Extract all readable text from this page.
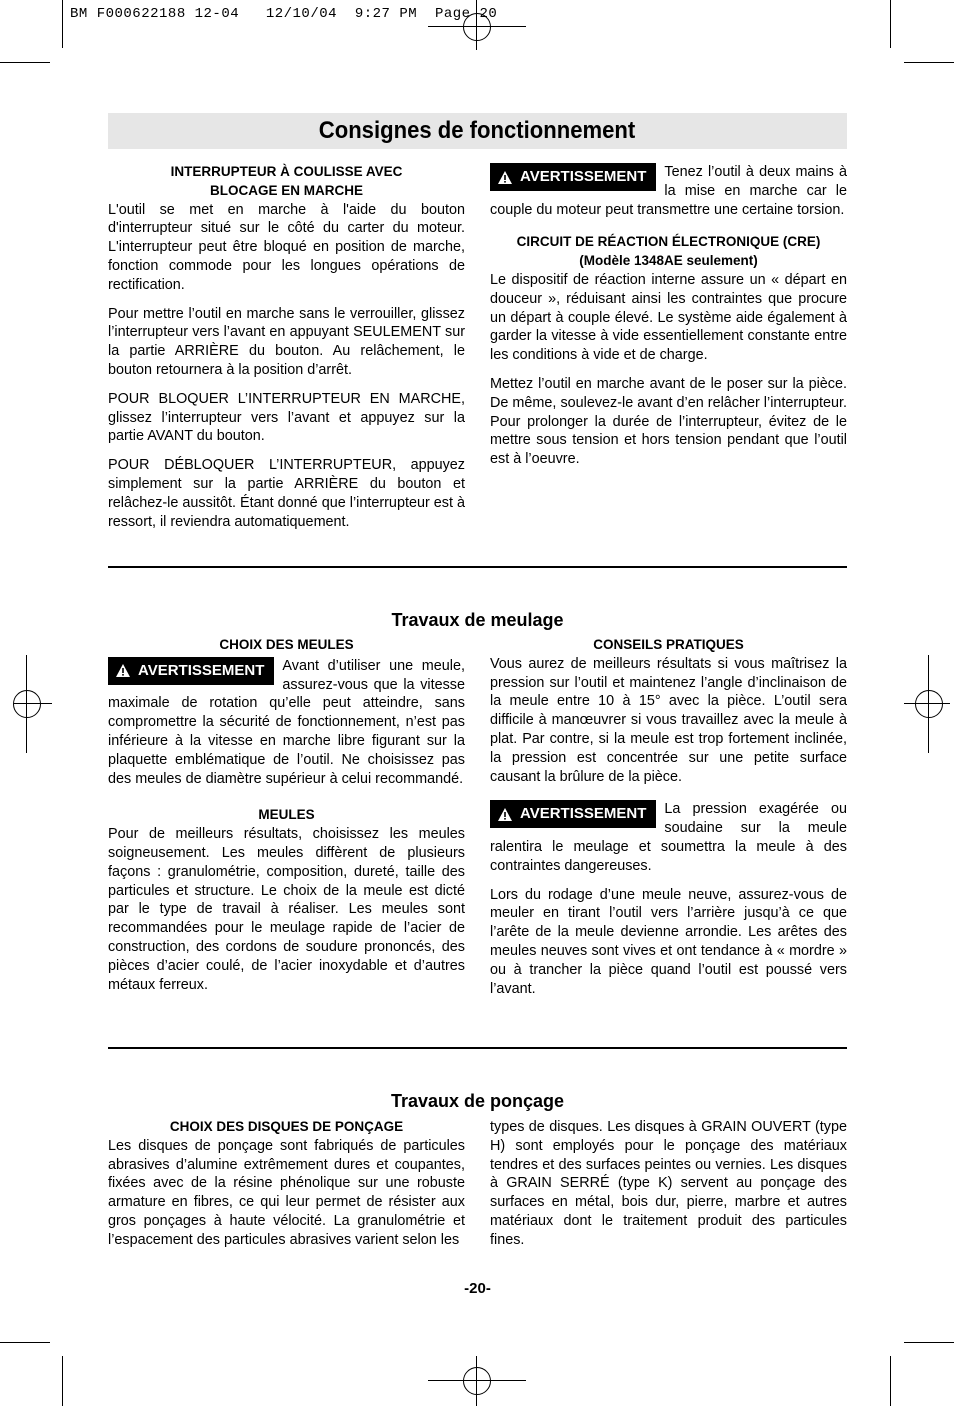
BM F000622188 12-04   12/10/04  9:27 PM  Page 20
Consignes de fonctionnement

INTERRUPTEUR À COULISSE AVEC

BLOCAGE EN MARCHE

L'outil se met en marche à l'aide du bouton d'interrupteur situé sur le côté du carter du moteur. L'interrupteur peut être bloqué en position de marche, fonction commode pour les longues opérations de rectification.

Pour mettre l’outil en marche sans le verrouiller, glissez l’interrupteur vers l’avant en appuyant SEULEMENT sur la partie ARRIÈRE du bouton. Au relâchement, le bouton retournera à la position d’arrêt.

POUR BLOQUER L’INTERRUPTEUR EN MARCHE, glissez l’interrupteur vers l’avant et appuyez sur la partie AVANT du bouton.

POUR DÉBLOQUER L’INTERRUPTEUR, appuyez simplement sur la partie ARRIÈRE du bouton et relâchez-le aussitôt. Étant donné que l’interrupteur est à ressort, il reviendra automatiquement.

AVERTISSEMENT	Tenez l’outil à deux mains à la mise en marche car le couple du moteur peut transmettre une certaine torsion.

CIRCUIT DE RÉACTION ÉLECTRONIQUE (CRE)

(Modèle 1348AE seulement)

Le dispositif de réaction interne assure un « départ en douceur », réduisant ainsi les contraintes que procure un départ à couple élevé. Le système aide également à garder la vitesse à vide essentiellement constante entre les conditions à vide et de charge.

Mettez l’outil en marche avant de le poser sur la pièce. De même, soulevez-le avant d’en relâcher l’interrupteur. Pour prolonger la durée de l’interrupteur, évitez de le mettre sous tension et hors tension pendant que l’outil est à l’oeuvre.

Travaux de meulage

CHOIX DES MEULES

AVERTISSEMENT	Avant d’utiliser une meule, assurez-vous que la vitesse maximale de rotation qu’elle peut atteindre, sans compromettre la sécurité de fonctionnement, n’est pas inférieure à la vitesse en marche libre figurant sur la plaquette emblématique de l’outil. Ne choisissez pas des meules de diamètre supérieur à celui recommandé.

MEULES

Pour de meilleurs résultats, choisissez les meules soigneusement. Les meules diffèrent de plusieurs façons : granulométrie, composition, dureté, taille des particules et structure. Le choix de la meule est dicté par le type de travail à réaliser. Les meules sont recommandées pour le meulage rapide de l’acier de construction, des cordons de soudure prononcés, des pièces d’acier coulé, de l’acier inoxydable et d’autres métaux ferreux.

CONSEILS PRATIQUES

Vous aurez de meilleurs résultats si vous maîtrisez la pression sur l’outil et maintenez l’angle d’inclinaison de la meule entre 10 à 15° avec la pièce. L’outil sera difficile à manœuvrer si vous travaillez avec la meule à plat. Par contre, si la meule est trop fortement inclinée, la pression est concentrée sur une petite surface causant la brûlure de la pièce.

AVERTISSEMENT	La pression exagérée ou soudaine sur la meule ralentira le meulage et soumettra la meule à des contraintes dangereuses.

Lors du rodage d’une meule neuve, assurez-vous de meuler en tirant l’outil vers l’arrière jusqu’à ce que l’arête de la meule devienne arrondie. Les arêtes des meules neuves sont vives et ont tendance à « mordre » ou à trancher la pièce quand l’outil est poussé vers l’avant.

Travaux de ponçage

CHOIX DES DISQUES DE PONÇAGE

Les disques de ponçage sont fabriqués de particules abrasives d’alumine extrêmement dures et coupantes, fixées avec de la résine phénolique sur une robuste armature en fibres, ce qui leur permet de résister aux gros ponçages à haute vélocité. La granulométrie et l’espacement des particules abrasives varient selon les

types de disques. Les disques à GRAIN OUVERT (type H) sont employés pour le ponçage des matériaux tendres et des surfaces peintes ou vernies. Les disques à GRAIN SERRÉ (type K) servent au ponçage des surfaces en métal, bois dur, pierre, marbre et autres matériaux dont le traitement produit des particules fines.

-20-
